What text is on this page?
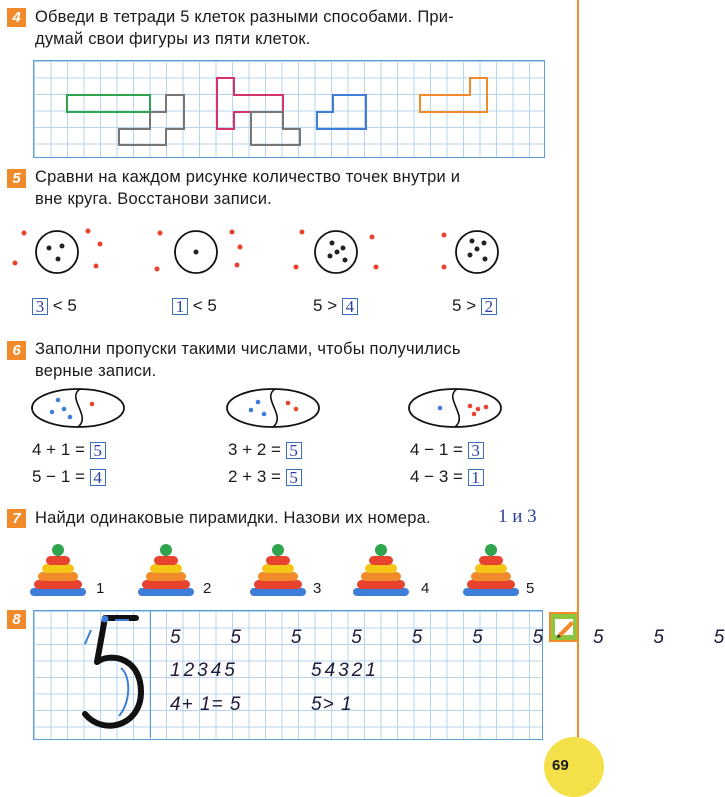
4 Обведи в тетради 5 клеток разными способами. При-
думай свои фигуры из пяти клеток.
5 Сравни на каждом рисунке количество точек внутри и
вне круга. Восстанови записи.
3 < 5	1 < 5	5 > 4	5 > 2
6 Заполни пропуски такими числами, чтобы получились
верные записи.
4 + 1 = 5
5 − 1 = 4
3 + 2 = 5
2 + 3 = 5
4 − 1 = 3
4 − 3 = 1
7 Найди одинаковые пирамидки. Назови их номера.	1 и 3
1	2	3	4	5
8
5	5	5	5	5	5	5	5	5	5
12345	54321
4+ 1= 5	5> 1
69
